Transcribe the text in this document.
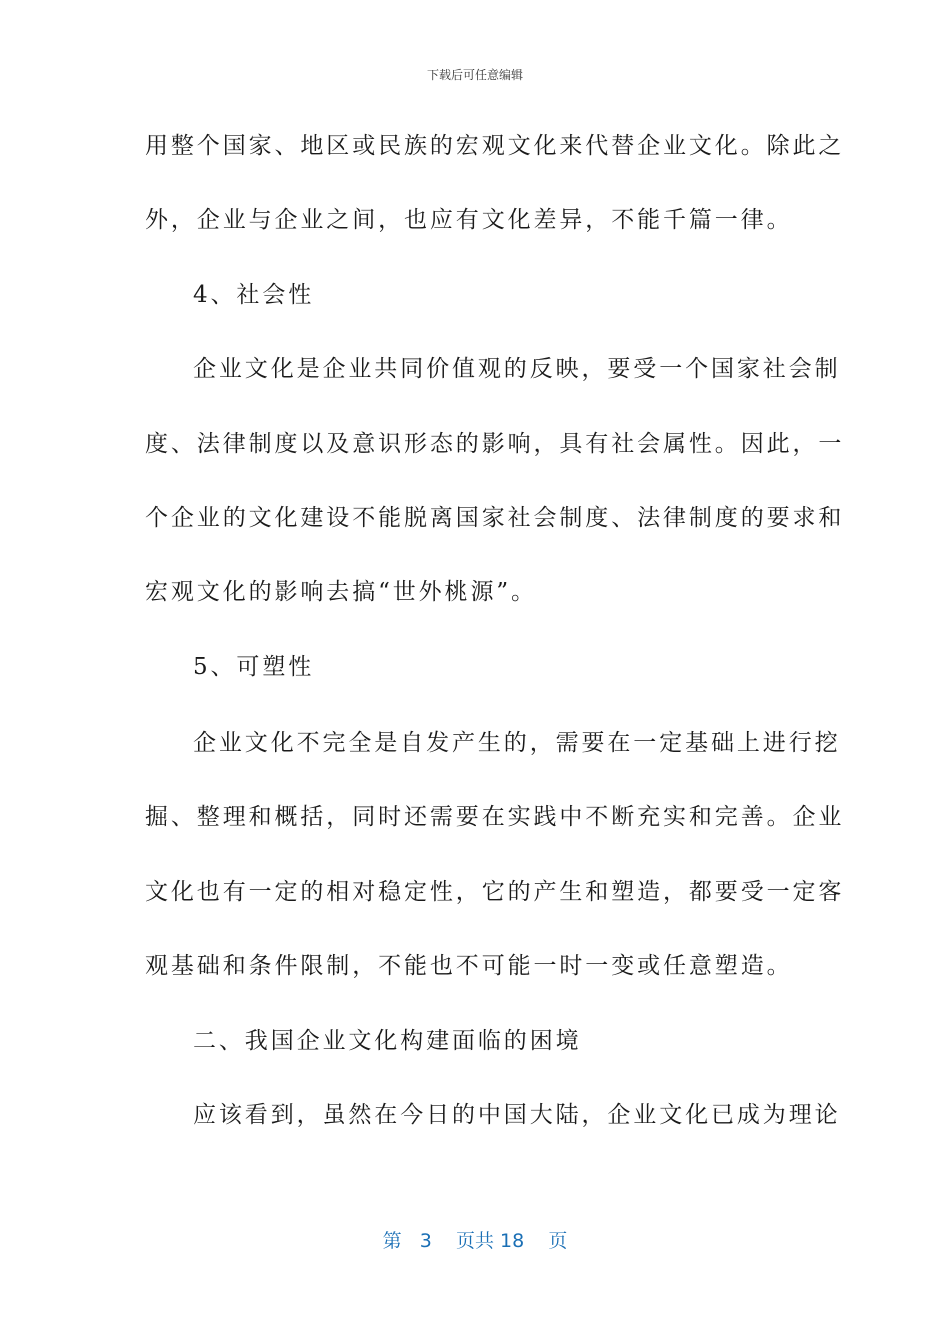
下载后可任意编辑
用整个国家、地区或民族的宏观文化来代替企业文化。除此之
外，企业与企业之间，也应有文化差异，不能千篇一律。
4、社会性
企业文化是企业共同价值观的反映，要受一个国家社会制
度、法律制度以及意识形态的影响，具有社会属性。因此，一
个企业的文化建设不能脱离国家社会制度、法律制度的要求和
宏观文化的影响去搞“世外桃源”。
5、可塑性
企业文化不完全是自发产生的，需要在一定基础上进行挖
掘、整理和概括，同时还需要在实践中不断充实和完善。企业
文化也有一定的相对稳定性，它的产生和塑造，都要受一定客
观基础和条件限制，不能也不可能一时一变或任意塑造。
二、我国企业文化构建面临的困境
应该看到，虽然在今日的中国大陆，企业文化已成为理论
第 3 页共 18 页
